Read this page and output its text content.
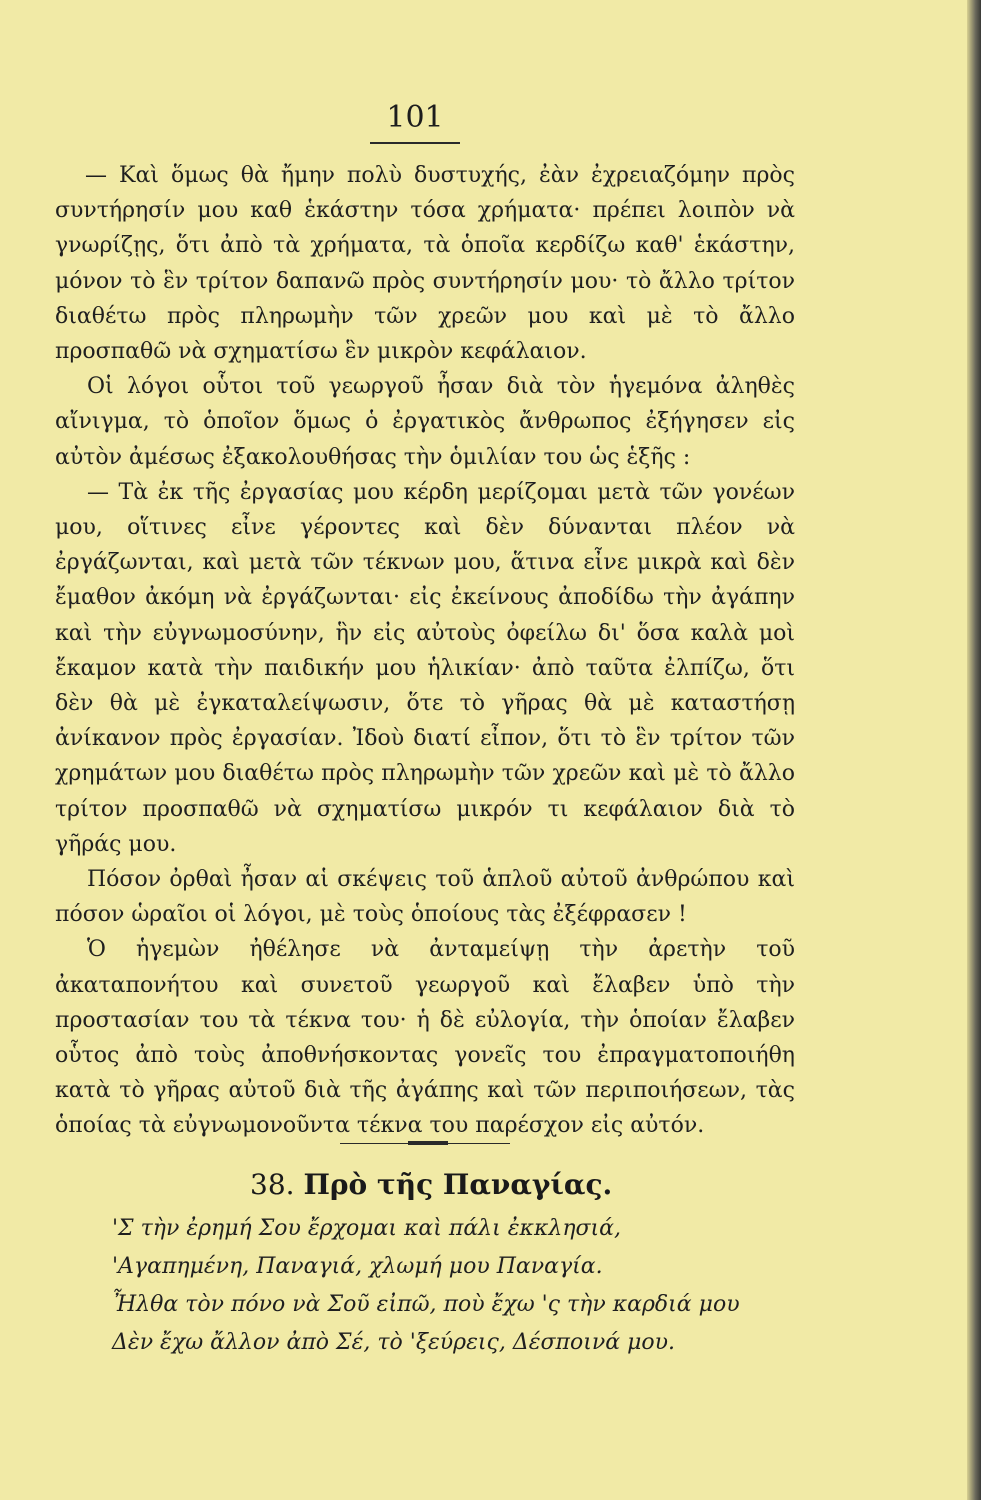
101

— Καὶ ὅμως θὰ ἤμην πολὺ δυστυχής, ἐὰν ἐχρειαζόμην πρὸς συντήρησίν μου καθ ἑκάστην τόσα χρήματα· πρέπει λοιπὸν νὰ γνωρίζῃς, ὅτι ἀπὸ τὰ χρήματα, τὰ ὁποῖα κερδίζω καθ' ἑκάστην, μόνον τὸ ἓν τρίτον δαπανῶ πρὸς συντήρησίν μου· τὸ ἄλλο τρίτον διαθέτω πρὸς πληρωμὴν τῶν χρεῶν μου καὶ μὲ τὸ ἄλλο προσπαθῶ νὰ σχηματίσω ἓν μικρὸν κεφάλαιον.

Οἱ λόγοι οὗτοι τοῦ γεωργοῦ ἦσαν διὰ τὸν ἡγεμόνα ἀληθὲς αἴνιγμα, τὸ ὁποῖον ὅμως ὁ ἐργατικὸς ἄνθρωπος ἐξήγησεν εἰς αὐτὸν ἀμέσως ἐξακολουθήσας τὴν ὁμιλίαν του ὡς ἑξῆς :

— Τὰ ἐκ τῆς ἐργασίας μου κέρδη μερίζομαι μετὰ τῶν γονέων μου, οἵτινες εἶνε γέροντες καὶ δὲν δύνανται πλέον νὰ ἐργάζωνται, καὶ μετὰ τῶν τέκνων μου, ἅτινα εἶνε μικρὰ καὶ δὲν ἔμαθον ἀκόμη νὰ ἐργάζωνται· εἰς ἐκείνους ἀποδίδω τὴν ἀγάπην καὶ τὴν εὐγνωμοσύνην, ἣν εἰς αὐτοὺς ὀφείλω δι' ὅσα καλὰ μοὶ ἔκαμον κατὰ τὴν παιδικήν μου ἡλικίαν· ἀπὸ ταῦτα ἐλπίζω, ὅτι δὲν θὰ μὲ ἐγκαταλείψωσιν, ὅτε τὸ γῆρας θὰ μὲ καταστήσῃ ἀνίκανον πρὸς ἐργασίαν. Ἰδοὺ διατί εἶπον, ὅτι τὸ ἓν τρίτον τῶν χρημάτων μου διαθέτω πρὸς πληρωμὴν τῶν χρεῶν καὶ μὲ τὸ ἄλλο τρίτον προσπαθῶ νὰ σχηματίσω μικρόν τι κεφάλαιον διὰ τὸ γῆράς μου.

Πόσον ὀρθαὶ ἦσαν αἱ σκέψεις τοῦ ἁπλοῦ αὐτοῦ ἀνθρώπου καὶ πόσον ὡραῖοι οἱ λόγοι, μὲ τοὺς ὁποίους τὰς ἐξέφρασεν !

Ὁ ἡγεμὼν ἠθέλησε νὰ ἀνταμείψῃ τὴν ἀρετὴν τοῦ ἀκαταπονήτου καὶ συνετοῦ γεωργοῦ καὶ ἔλαβεν ὑπὸ τὴν προστασίαν του τὰ τέκνα του· ἡ δὲ εὐλογία, τὴν ὁποίαν ἔλαβεν οὗτος ἀπὸ τοὺς ἀποθνήσκοντας γονεῖς του ἐπραγματοποιήθη κατὰ τὸ γῆρας αὐτοῦ διὰ τῆς ἀγάπης καὶ τῶν περιποιήσεων, τὰς ὁποίας τὰ εὐγνωμονοῦντα τέκνα του παρέσχον εἰς αὐτόν.

38. Πρὸ τῆς Παναγίας.
'Σ τὴν ἐρημή Σου ἔρχομαι καὶ πάλι ἐκκλησιά,
'Αγαπημένη, Παναγιά, χλωμή μου Παναγία.
Ἦλθα τὸν πόνο νὰ Σοῦ εἰπῶ, ποὺ ἔχω 'ς τὴν καρδιά μου
Δὲν ἔχω ἄλλον ἀπὸ Σέ, τὸ 'ξεύρεις, Δέσποινά μου.
